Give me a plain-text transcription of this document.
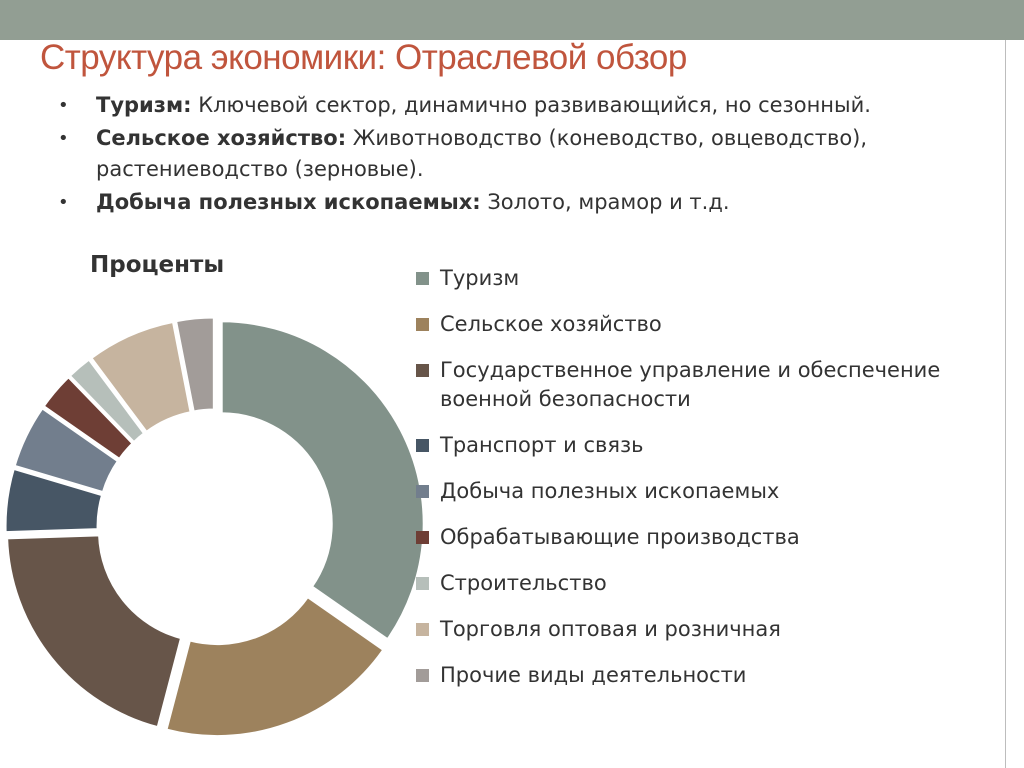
Структура экономики: Отраслевой обзор
• Туризм: Ключевой сектор, динамично развивающийся, но сезонный.
• Сельское хозяйство: Животноводство (коневодство, овцеводство), растениеводство (зерновые).
• Добыча полезных ископаемых: Золото, мрамор и т.д.
Проценты	Туризм
Сельское хозяйство
Государственное управление и обеспечение военной безопасности
Транспорт и связь
Добыча полезных ископаемых
Обрабатывающие производства
Строительство
Торговля оптовая и розничная
Прочие виды деятельности
